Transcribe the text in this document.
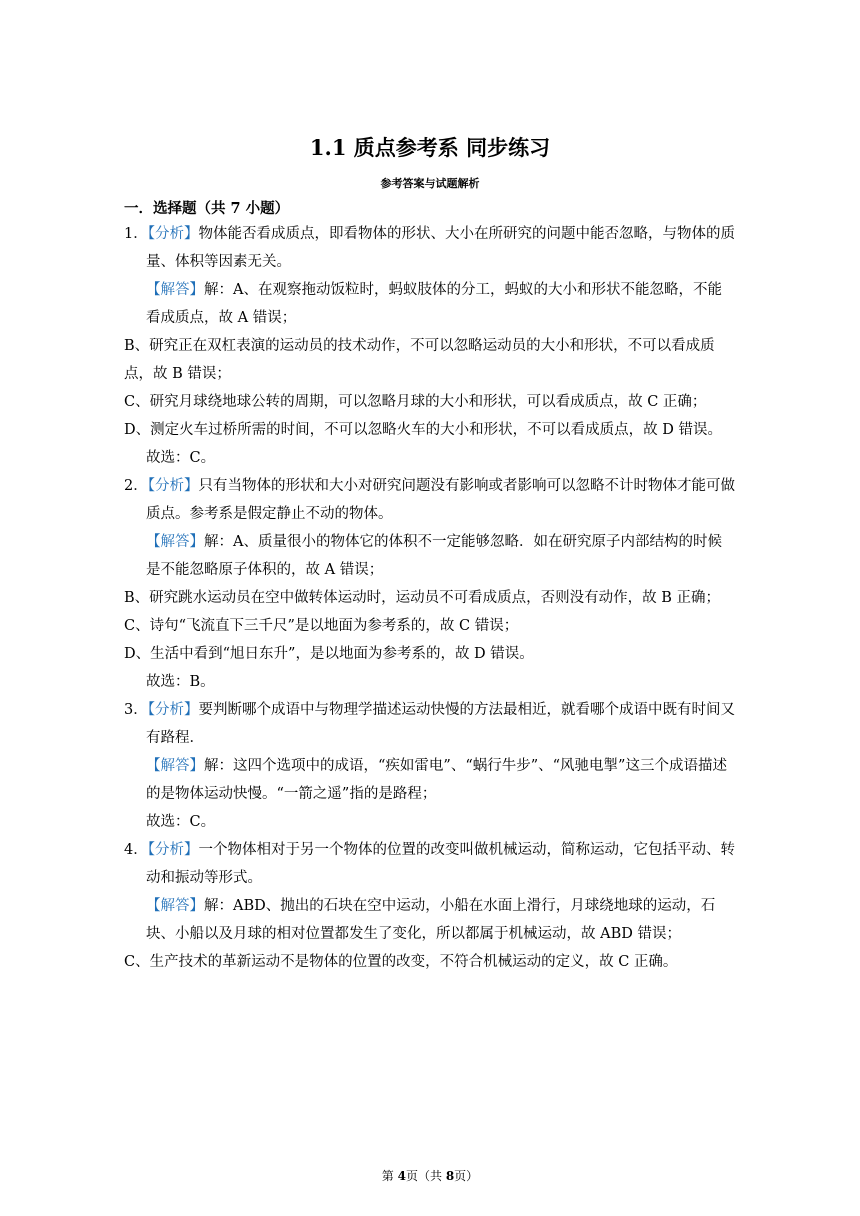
1.1 质点参考系 同步练习
参考答案与试题解析
一．选择题（共 7 小题）
1．【分析】物体能否看成质点，即看物体的形状、大小在所研究的问题中能否忽略，与物体的质量、体积等因素无关。
【解答】解：A、在观察拖动饭粒时，蚂蚁肢体的分工，蚂蚁的大小和形状不能忽略，不能看成质点，故 A 错误；
B、研究正在双杠表演的运动员的技术动作，不可以忽略运动员的大小和形状，不可以看成质点，故 B 错误；
C、研究月球绕地球公转的周期，可以忽略月球的大小和形状，可以看成质点，故 C 正确；
D、测定火车过桥所需的时间，不可以忽略火车的大小和形状，不可以看成质点，故 D 错误。
故选：C。
2．【分析】只有当物体的形状和大小对研究问题没有影响或者影响可以忽略不计时物体才能可做质点。参考系是假定静止不动的物体。
【解答】解：A、质量很小的物体它的体积不一定能够忽略．如在研究原子内部结构的时候是不能忽略原子体积的，故 A 错误；
B、研究跳水运动员在空中做转体运动时，运动员不可看成质点，否则没有动作，故 B 正确；
C、诗句“飞流直下三千尺”是以地面为参考系的，故 C 错误；
D、生活中看到“旭日东升”，是以地面为参考系的，故 D 错误。
故选：B。
3．【分析】要判断哪个成语中与物理学描述运动快慢的方法最相近，就看哪个成语中既有时间又有路程．
【解答】解：这四个选项中的成语，“疾如雷电”、“蜗行牛步”、“风驰电掣”这三个成语描述的是物体运动快慢。“一箭之遥”指的是路程；
故选：C。
4．【分析】一个物体相对于另一个物体的位置的改变叫做机械运动，简称运动，它包括平动、转动和振动等形式。
【解答】解：ABD、抛出的石块在空中运动，小船在水面上滑行，月球绕地球的运动，石块、小船以及月球的相对位置都发生了变化，所以都属于机械运动，故 ABD 错误；
C、生产技术的革新运动不是物体的位置的改变，不符合机械运动的定义，故 C 正确。
第 4页（共 8页）
